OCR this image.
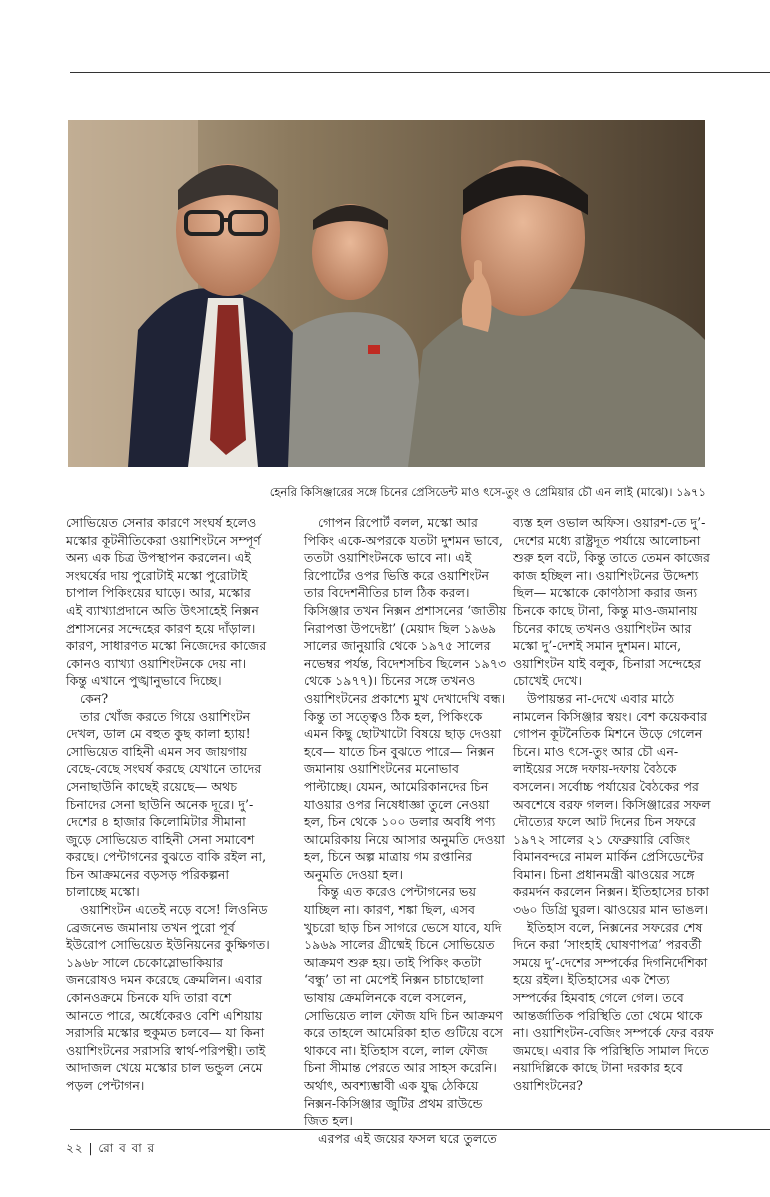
হেনরি কিসিঞ্জারের সঙ্গে চিনের প্রেসিডেন্ট মাও ৎসে-তুং ও প্রেমিয়ার চৌ এন লাই (মাঝে)। ১৯৭১

সোভিয়েত সেনার কারণে সংঘর্ষ হলেও মস্কোর কূটনীতিকেরা ওয়াশিংটনে সম্পূর্ণ অন্য এক চিত্র উপস্থাপন করলেন। এই সংঘর্ষের দায় পুরোটাই মস্কো পুরোটাই চাপাল পিকিংয়ের ঘাড়ে। আর, মস্কোর এই ব্যাখ্যাপ্রদানে অতি উৎসাহেই নিক্সন প্রশাসনের সন্দেহের কারণ হয়ে দাঁড়াল। কারণ, সাধারণত মস্কো নিজেদের কাজের কোনও ব্যাখ্যা ওয়াশিংটনকে দেয় না। কিন্তু এখানে পুঙ্খানুভাবে দিচ্ছে।

কেন?

তার খোঁজ করতে গিয়ে ওয়াশিংটন দেখল, ডাল মে বহুত কুছ কালা হ্যায়! সোভিয়েত বাহিনী এমন সব জায়গায় বেছে-বেছে সংঘর্ষ করছে যেখানে তাদের সেনাছাউনি কাছেই রয়েছে— অথচ চিনাদের সেনা ছাউনি অনেক দূরে। দু’-দেশের ৪ হাজার কিলোমিটার সীমানা জুড়ে সোভিয়েত বাহিনী সেনা সমাবেশ করছে। পেন্টাগনের বুঝতে বাকি রইল না, চিন আক্রমনের বড়সড় পরিকল্পনা চালাচ্ছে মস্কো।

ওয়াশিংটন এতেই নড়ে বসে! লিওনিড ব্রেজনেভ জমানায় তখন পুরো পূর্ব ইউরোপ সোভিয়েত ইউনিয়নের কুক্ষিগত। ১৯৬৮ সালে চেকোস্লোভাকিয়ার জনরোষও দমন করেছে ক্রেমলিন। এবার কোনওক্রমে চিনকে যদি তারা বশে আনতে পারে, অর্ধেকেরও বেশি এশিয়ায় সরাসরি মস্কোর হুকুমত চলবে— যা কিনা ওয়াশিংটনের সরাসরি স্বার্থ-পরিপন্থী। তাই আদাজল খেয়ে মস্কোর চাল ভন্ডুল নেমে পড়ল পেন্টাগন।

গোপন রিপোর্ট বলল, মস্কো আর পিকিং একে-অপরকে যতটা দুশমন ভাবে, ততটা ওয়াশিংটনকে ভাবে না। এই রিপোর্টের ওপর ভিত্তি করে ওয়াশিংটন তার বিদেশনীতির চাল ঠিক করল। কিসিঞ্জার তখন নিক্সন প্রশাসনের ‘জাতীয় নিরাপত্তা উপদেষ্টা’ (মেয়াদ ছিল ১৯৬৯ সালের জানুয়ারি থেকে ১৯৭৫ সালের নভেম্বর পর্যন্ত, বিদেশসচিব ছিলেন ১৯৭৩ থেকে ১৯৭৭)। চিনের সঙ্গে তখনও ওয়াশিংটনের প্রকাশ্যে মুখ দেখাদেখি বন্ধ। কিন্তু তা সত্ত্বেও ঠিক হল, পিকিংকে এমন কিছু ছোটখাটো বিষয়ে ছাড় দেওয়া হবে— যাতে চিন বুঝতে পারে— নিক্সন জমানায় ওয়াশিংটনের মনোভাব পাল্টাচ্ছে। যেমন, আমেরিকানদের চিন যাওয়ার ওপর নিষেধাজ্ঞা তুলে নেওয়া হল, চিন থেকে ১০০ ডলার অবধি পণ্য আমেরিকায় নিয়ে আসার অনুমতি দেওয়া হল, চিনে অল্প মাত্রায় গম রপ্তানির অনুমতি দেওয়া হল।

কিন্তু এত করেও পেন্টাগনের ভয় যাচ্ছিল না। কারণ, শঙ্কা ছিল, এসব খুচরো ছাড় চিন সাগরে ভেসে যাবে, যদি ১৯৬৯ সালের গ্রীষ্মেই চিনে সোভিয়েত আক্রমণ শুরু হয়। তাই পিকিং কতটা ‘বন্ধু’ তা না মেপেই নিক্সন চাচাছোলা ভাষায় ক্রেমলিনকে বলে বসলেন, সোভিয়েত লাল ফৌজ যদি চিন আক্রমণ করে তাহলে আমেরিকা হাত গুটিয়ে বসে থাকবে না। ইতিহাস বলে, লাল ফৌজ চিনা সীমান্ত পেরতে আর সাহস করেনি। অর্থাৎ, অবশ্যম্ভাবী এক যুদ্ধ ঠেকিয়ে নিক্সন-কিসিঞ্জার জুটির প্রথম রাউন্ডে জিত হল।

এরপর এই জয়ের ফসল ঘরে তুলতে

ব্যস্ত হল ওভাল অফিস। ওয়ারশ-তে দু’-দেশের মধ্যে রাষ্ট্রদূত পর্যায়ে আলোচনা শুরু হল বটে, কিন্তু তাতে তেমন কাজের কাজ হচ্ছিল না। ওয়াশিংটনের উদ্দেশ্য ছিল— মস্কোকে কোণঠাসা করার জন্য চিনকে কাছে টানা, কিন্তু মাও-জমানায় চিনের কাছে তখনও ওয়াশিংটন আর মস্কো দু’-দেশই সমান দুশমন। মানে, ওয়াশিংটন যাই বলুক, চিনারা সন্দেহের চোখেই দেখে।

উপায়ন্তর না-দেখে এবার মাঠে নামলেন কিসিঞ্জার স্বয়ং। বেশ কয়েকবার গোপন কূটনৈতিক মিশনে উড়ে গেলেন চিনে। মাও ৎসে-তুং আর চৌ এন-লাইয়ের সঙ্গে দফায়-দফায় বৈঠকে বসলেন। সর্বোচ্চ পর্যায়ের বৈঠকের পর অবশেষে বরফ গলল। কিসিঞ্জারের সফল দৌত্যের ফলে আট দিনের চিন সফরে ১৯৭২ সালের ২১ ফেব্রুয়ারি বেজিং বিমানবন্দরে নামল মার্কিন প্রেসিডেন্টের বিমান। চিনা প্রধানমন্ত্রী ঝাওয়ের সঙ্গে করমর্দন করলেন নিক্সন। ইতিহাসের চাকা ৩৬০ ডিগ্রি ঘুরল। ঝাওয়ের মান ভাঙল।

ইতিহাস বলে, নিক্সনের সফরের শেষ দিনে করা ‘সাংহাই ঘোষণাপত্র’ পরবর্তী সময়ে দু’-দেশের সম্পর্কের দিগনির্দেশিকা হয়ে রইল। ইতিহাসের এক শৈত্য সম্পর্কের হিমবাহ গেলে গেল। তবে আন্তর্জাতিক পরিস্থিতি তো থেমে থাকে না। ওয়াশিংটন-বেজিং সম্পর্কে ফের বরফ জমছে। এবার কি পরিস্থিতি সামাল দিতে নয়াদিল্লিকে কাছে টানা দরকার হবে ওয়াশিংটনের?

২২ | রো ব বা র
